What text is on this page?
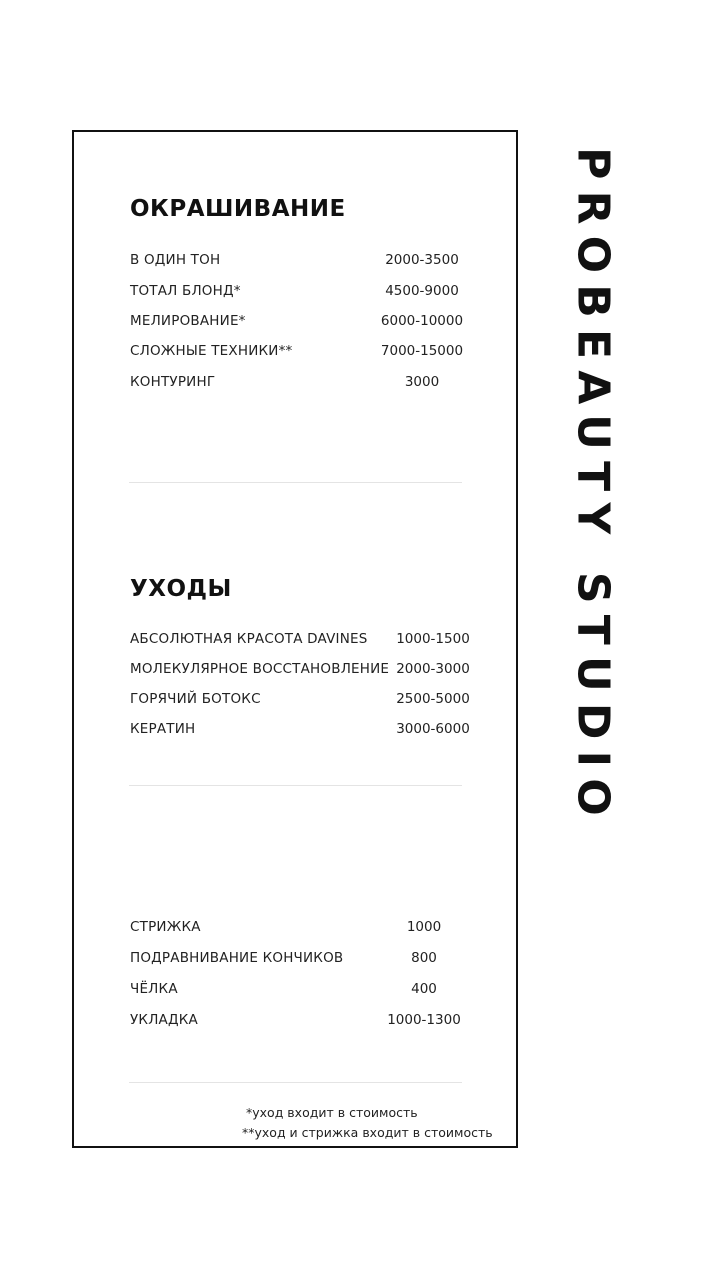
ОКРАШИВАНИЕ
В ОДИН ТОН	2000-3500
ТОТАЛ БЛОНД*	4500-9000
МЕЛИРОВАНИЕ*	6000-10000
СЛОЖНЫЕ ТЕХНИКИ**	7000-15000
КОНТУРИНГ	3000
УХОДЫ
АБСОЛЮТНАЯ КРАСОТА DAVINES	1000-1500
МОЛЕКУЛЯРНОЕ ВОССТАНОВЛЕНИЕ 2000-3000
ГОРЯЧИЙ БОТОКС	2500-5000
КЕРАТИН	3000-6000
СТРИЖКА	1000
ПОДРАВНИВАНИЕ КОНЧИКОВ	800
ЧЁЛКА	400
УКЛАДКА	1000-1300
*уход входит в стоимость
**уход и стрижка входит в стоимость
PROBEAUTY STUDIO
